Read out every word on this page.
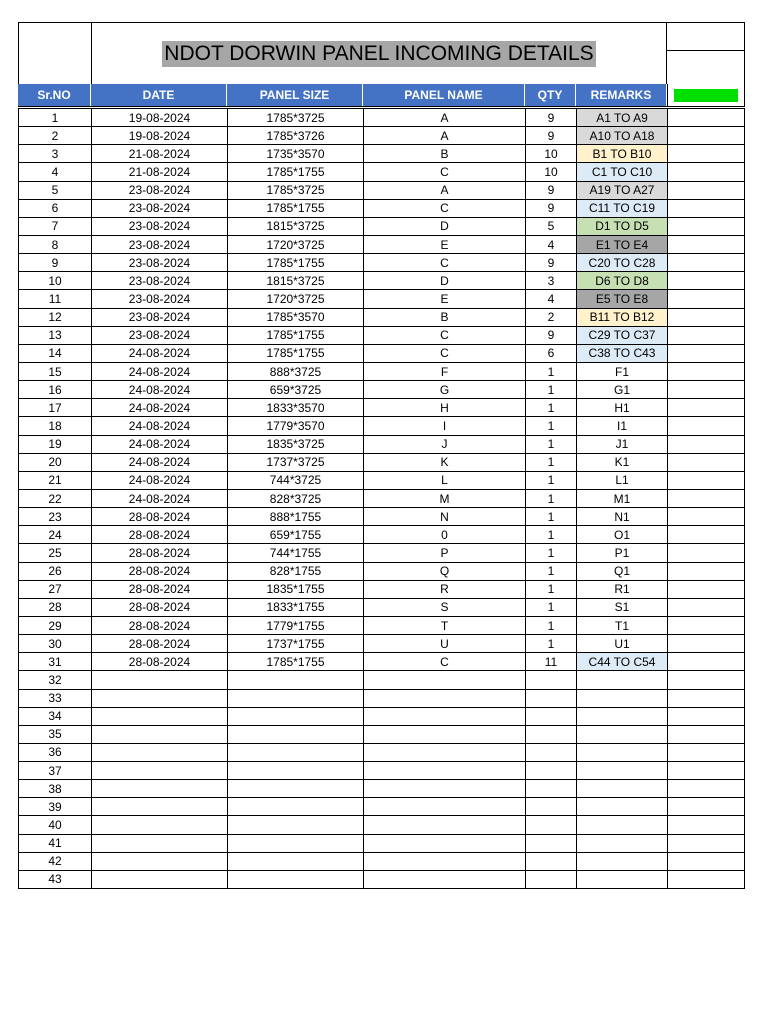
NDOT DORWIN PANEL INCOMING DETAILS
Sr.NO	DATE	PANEL SIZE	PANEL NAME	QTY	REMARKS
1	19-08-2024	1785*3725	A	9	A1 TO A9
2	19-08-2024	1785*3726	A	9	A10 TO A18
3	21-08-2024	1735*3570	B	10	B1 TO B10
4	21-08-2024	1785*1755	C	10	C1 TO C10
5	23-08-2024	1785*3725	A	9	A19 TO A27
6	23-08-2024	1785*1755	C	9	C11 TO C19
7	23-08-2024	1815*3725	D	5	D1 TO D5
8	23-08-2024	1720*3725	E	4	E1 TO E4
9	23-08-2024	1785*1755	C	9	C20 TO C28
10	23-08-2024	1815*3725	D	3	D6 TO D8
11	23-08-2024	1720*3725	E	4	E5 TO E8
12	23-08-2024	1785*3570	B	2	B11 TO B12
13	23-08-2024	1785*1755	C	9	C29 TO C37
14	24-08-2024	1785*1755	C	6	C38 TO C43
15	24-08-2024	888*3725	F	1	F1
16	24-08-2024	659*3725	G	1	G1
17	24-08-2024	1833*3570	H	1	H1
18	24-08-2024	1779*3570	I	1	I1
19	24-08-2024	1835*3725	J	1	J1
20	24-08-2024	1737*3725	K	1	K1
21	24-08-2024	744*3725	L	1	L1
22	24-08-2024	828*3725	M	1	M1
23	28-08-2024	888*1755	N	1	N1
24	28-08-2024	659*1755	0	1	O1
25	28-08-2024	744*1755	P	1	P1
26	28-08-2024	828*1755	Q	1	Q1
27	28-08-2024	1835*1755	R	1	R1
28	28-08-2024	1833*1755	S	1	S1
29	28-08-2024	1779*1755	T	1	T1
30	28-08-2024	1737*1755	U	1	U1
31	28-08-2024	1785*1755	C	11	C44 TO C54
32
33
34
35
36
37
38
39
40
41
42
43
